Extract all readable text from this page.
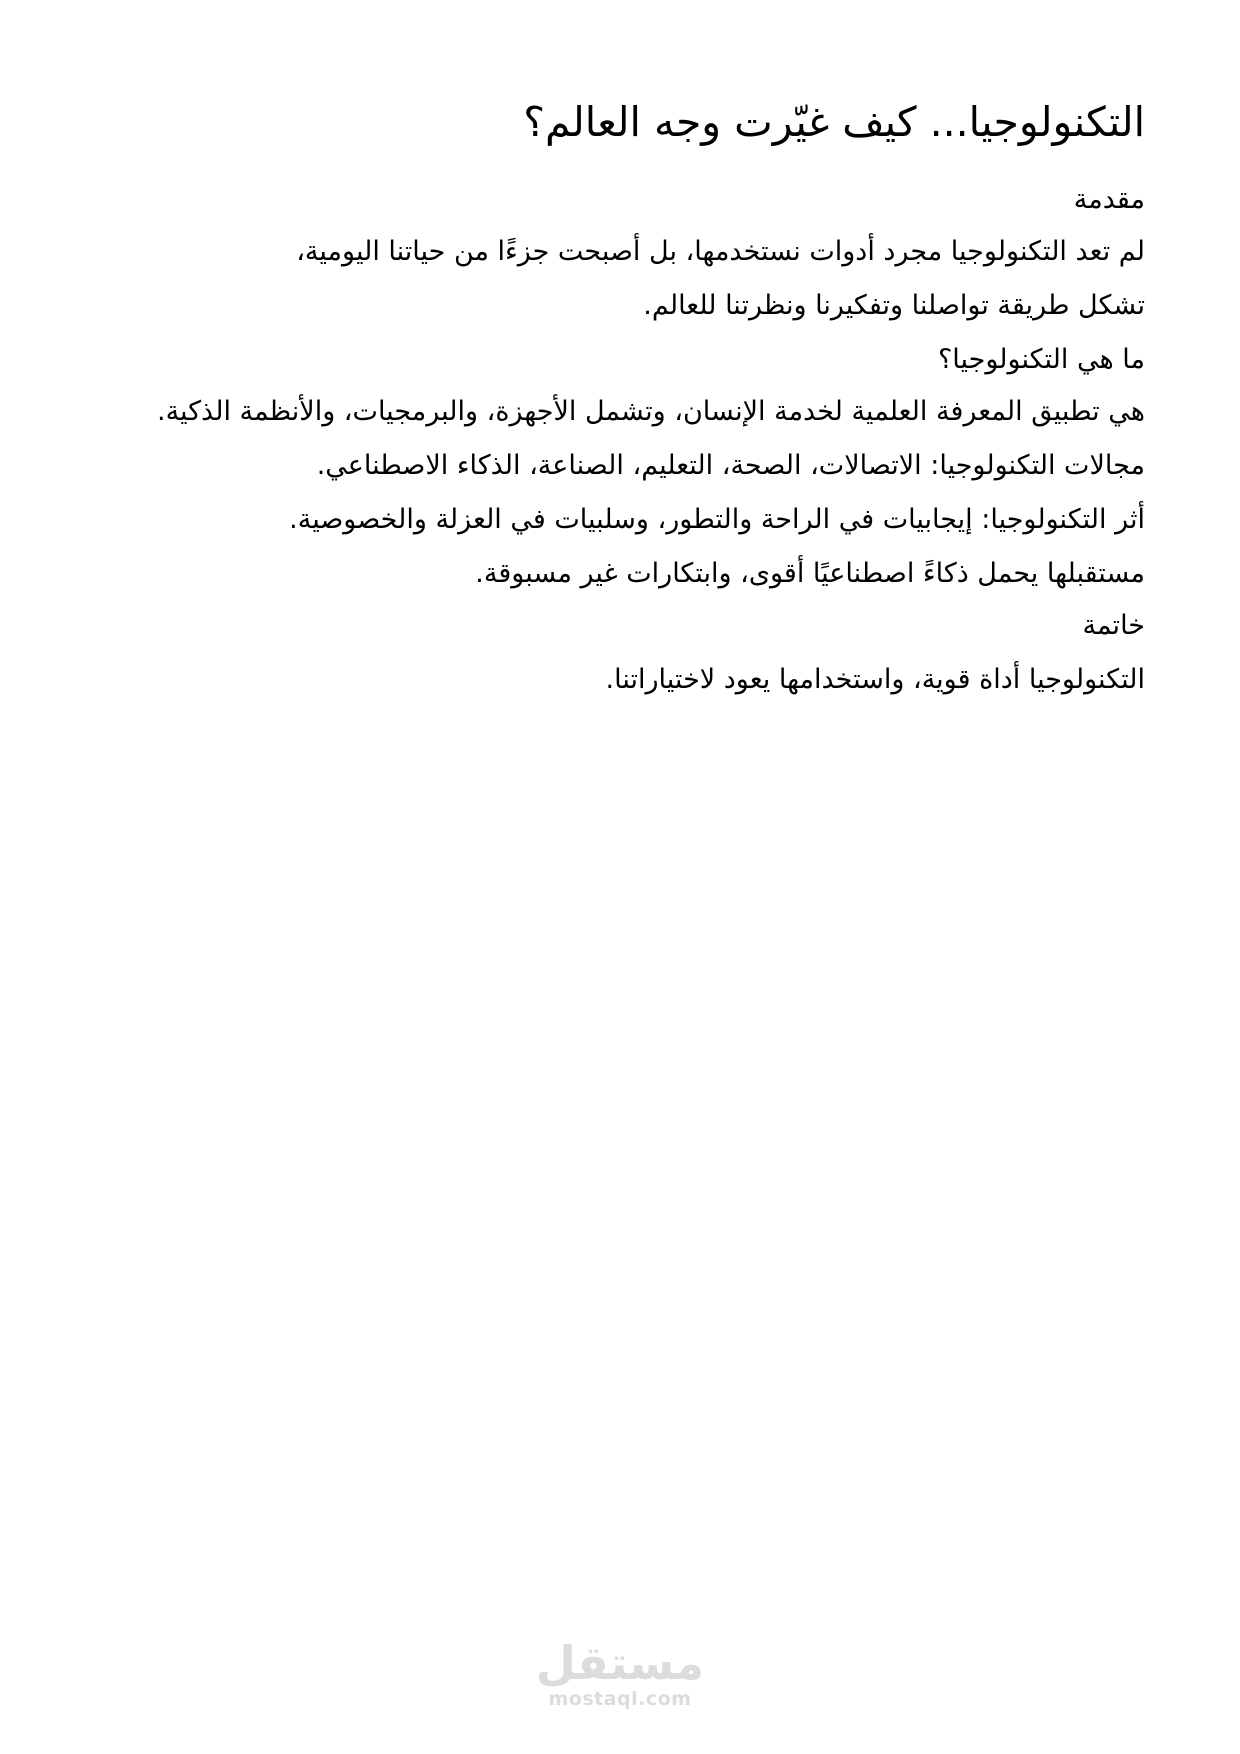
التكنولوجيا... كيف غيّرت وجه العالم؟

مقدمة

لم تعد التكنولوجيا مجرد أدوات نستخدمها، بل أصبحت جزءًا من حياتنا اليومية،

تشكل طريقة تواصلنا وتفكيرنا ونظرتنا للعالم.

ما هي التكنولوجيا؟

هي تطبيق المعرفة العلمية لخدمة الإنسان، وتشمل الأجهزة، والبرمجيات، والأنظمة الذكية.

مجالات التكنولوجيا: الاتصالات، الصحة، التعليم، الصناعة، الذكاء الاصطناعي.

أثر التكنولوجيا: إيجابيات في الراحة والتطور، وسلبيات في العزلة والخصوصية.

مستقبلها يحمل ذكاءً اصطناعيًا أقوى، وابتكارات غير مسبوقة.

خاتمة

التكنولوجيا أداة قوية، واستخدامها يعود لاختياراتنا.

مستقل
mostaql.com
